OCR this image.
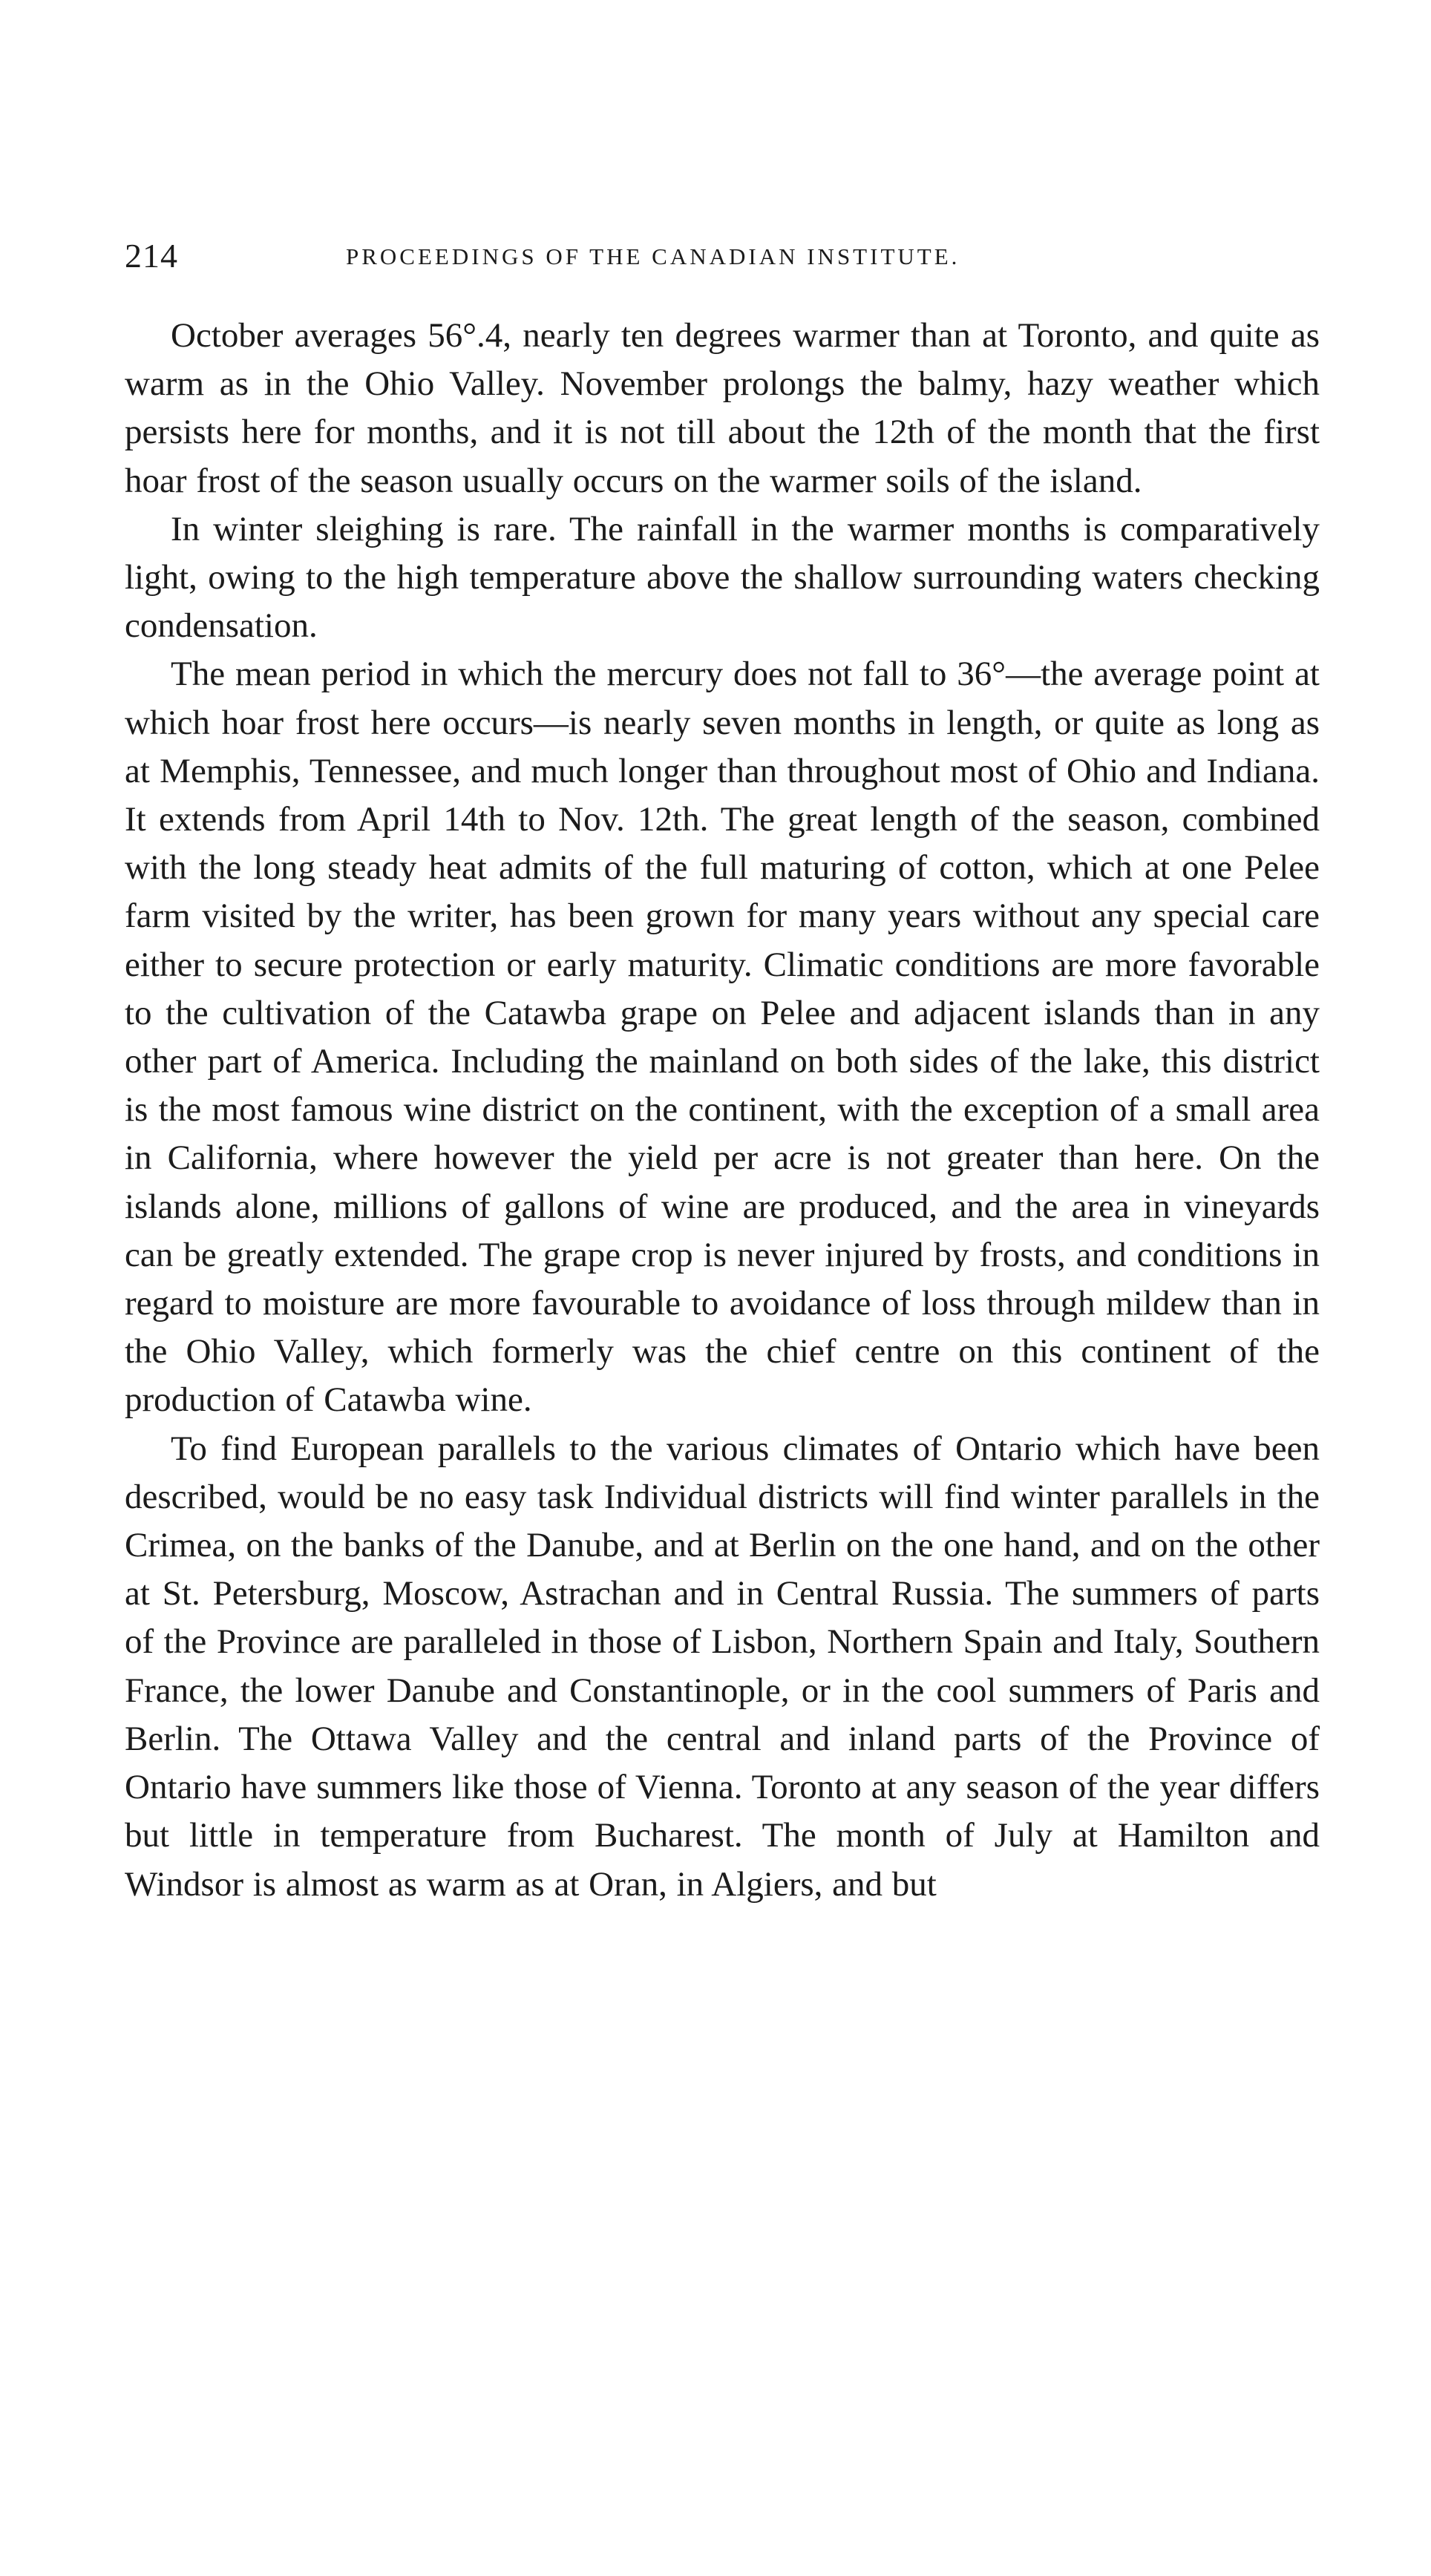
214	PROCEEDINGS OF THE CANADIAN INSTITUTE.

October averages 56°.4, nearly ten degrees warmer than at Toronto, and quite as warm as in the Ohio Valley. November prolongs the balmy, hazy weather which persists here for months, and it is not till about the 12th of the month that the first hoar frost of the season usually occurs on the warmer soils of the island.

In winter sleighing is rare. The rainfall in the warmer months is comparatively light, owing to the high temperature above the shallow surrounding waters checking condensation.

The mean period in which the mercury does not fall to 36°—the average point at which hoar frost here occurs—is nearly seven months in length, or quite as long as at Memphis, Tennessee, and much longer than throughout most of Ohio and Indiana. It extends from April 14th to Nov. 12th. The great length of the season, combined with the long steady heat admits of the full maturing of cotton, which at one Pelee farm visited by the writer, has been grown for many years without any special care either to secure protection or early maturity. Climatic conditions are more favorable to the cultivation of the Catawba grape on Pelee and adjacent islands than in any other part of America. Including the mainland on both sides of the lake, this district is the most famous wine district on the continent, with the exception of a small area in California, where however the yield per acre is not greater than here. On the islands alone, millions of gallons of wine are produced, and the area in vineyards can be greatly extended. The grape crop is never injured by frosts, and conditions in regard to moisture are more favourable to avoidance of loss through mildew than in the Ohio Valley, which formerly was the chief centre on this continent of the production of Catawba wine.

To find European parallels to the various climates of Ontario which have been described, would be no easy task Individual districts will find winter parallels in the Crimea, on the banks of the Danube, and at Berlin on the one hand, and on the other at St. Petersburg, Moscow, Astrachan and in Central Russia. The summers of parts of the Province are paralleled in those of Lisbon, Northern Spain and Italy, Southern France, the lower Danube and Constantinople, or in the cool summers of Paris and Berlin. The Ottawa Valley and the central and inland parts of the Province of Ontario have summers like those of Vienna. Toronto at any season of the year differs but little in temperature from Bucharest. The month of July at Hamilton and Windsor is almost as warm as at Oran, in Algiers, and but
